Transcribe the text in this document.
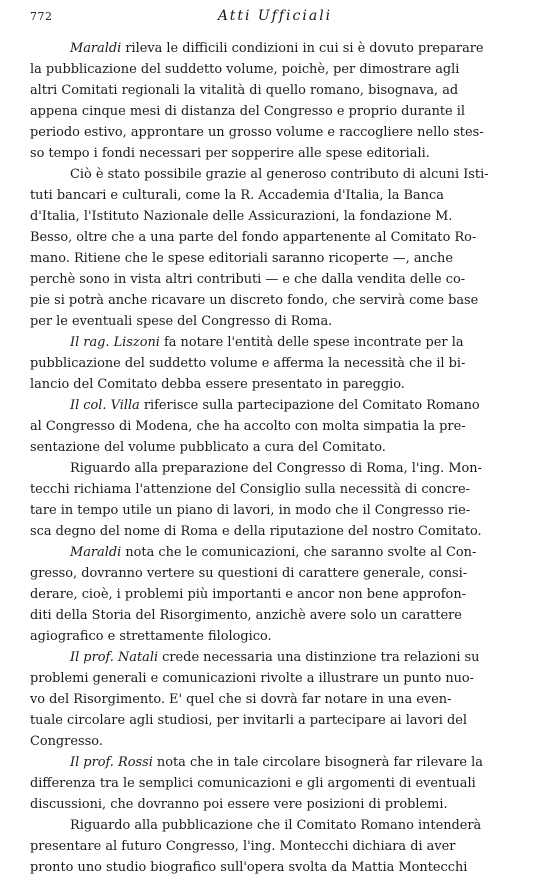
772	Atti Ufficiali

Maraldi rileva le difficili condizioni in cui si è dovuto preparare
la pubblicazione del suddetto volume, poichè, per dimostrare agli
altri Comitati regionali la vitalità di quello romano, bisognava, ad
appena cinque mesi di distanza del Congresso e proprio durante il
periodo estivo, approntare un grosso volume e raccogliere nello stes-
so tempo i fondi necessari per sopperire alle spese editoriali.

Ciò è stato possibile grazie al generoso contributo di alcuni Isti-
tuti bancari e culturali, come la R. Accademia d'Italia, la Banca
d'Italia, l'Istituto Nazionale delle Assicurazioni, la fondazione M.
Besso, oltre che a una parte del fondo appartenente al Comitato Ro-
mano. Ritiene che le spese editoriali saranno ricoperte —, anche
perchè sono in vista altri contributi — e che dalla vendita delle co-
pie si potrà anche ricavare un discreto fondo, che servirà come base
per le eventuali spese del Congresso di Roma.

Il rag. Liszoni fa notare l'entità delle spese incontrate per la
pubblicazione del suddetto volume e afferma la necessità che il bi-
lancio del Comitato debba essere presentato in pareggio.

Il col. Villa riferisce sulla partecipazione del Comitato Romano
al Congresso di Modena, che ha accolto con molta simpatia la pre-
sentazione del volume pubblicato a cura del Comitato.

Riguardo alla preparazione del Congresso di Roma, l'ing. Mon-
tecchi richiama l'attenzione del Consiglio sulla necessità di concre-
tare in tempo utile un piano di lavori, in modo che il Congresso rie-
sca degno del nome di Roma e della riputazione del nostro Comitato.

Maraldi nota che le comunicazioni, che saranno svolte al Con-
gresso, dovranno vertere su questioni di carattere generale, consi-
derare, cioè, i problemi più importanti e ancor non bene approfon-
diti della Storia del Risorgimento, anzichè avere solo un carattere
agiografico e strettamente filologico.

Il prof. Natali crede necessaria una distinzione tra relazioni su
problemi generali e comunicazioni rivolte a illustrare un punto nuo-
vo del Risorgimento. E' quel che si dovrà far notare in una even-
tuale circolare agli studiosi, per invitarli a partecipare ai lavori del
Congresso.

Il prof. Rossi nota che in tale circolare bisognerà far rilevare la
differenza tra le semplici comunicazioni e gli argomenti di eventuali
discussioni, che dovranno poi essere vere posizioni di problemi.

Riguardo alla pubblicazione che il Comitato Romano intenderà
presentare al futuro Congresso, l'ing. Montecchi dichiara di aver
pronto uno studio biografico sull'opera svolta da Mattia Montecchi
